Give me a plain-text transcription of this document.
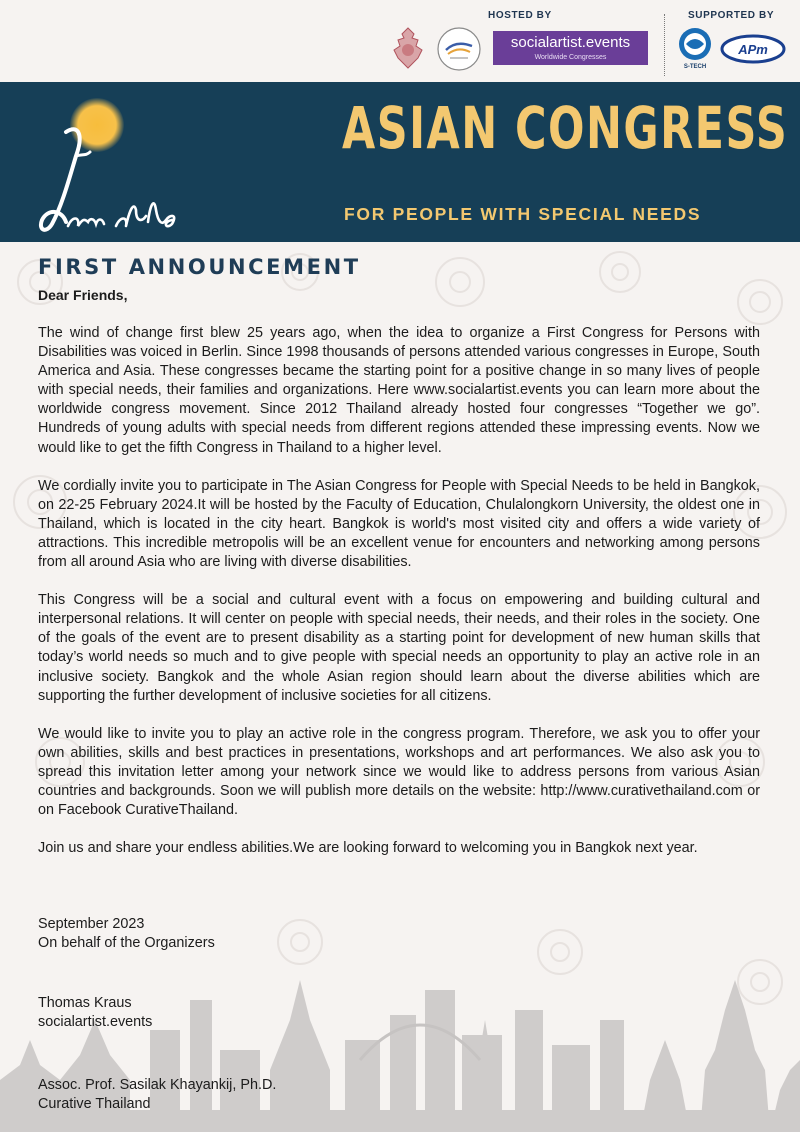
HOSTED BY	SUPPORTED BY
socialartist.events
Worldwide Congresses
S-TECH
APm
ASIAN CONGRESS
FOR PEOPLE WITH SPECIAL NEEDS
FIRST ANNOUNCEMENT

Dear Friends,

The wind of change first blew 25 years ago, when the idea to organize a First Congress for Persons with Disabilities was voiced in Berlin. Since 1998 thousands of persons attended various congresses in Europe, South America and Asia. These congresses became the starting point for a positive change in so many lives of people with special needs, their families and organizations. Here www.socialartist.events you can learn more about the worldwide congress movement. Since 2012 Thailand already hosted four congresses “Together we go”. Hundreds of young adults with special needs from different regions attended these impressing events. Now we would like to get the fifth Congress in Thailand to a higher level.

We cordially invite you to participate in The Asian Congress for People with Special Needs to be held in Bangkok, on 22-25 February 2024.It will be hosted by the Faculty of Education, Chulalongkorn University, the oldest one in Thailand, which is located in the city heart. Bangkok is world's most visited city and offers a wide variety of attractions. This incredible metropolis will be an excellent venue for encounters and networking among persons from all around Asia who are living with diverse disabilities.

This Congress will be a social and cultural event with a focus on empowering and building cultural and interpersonal relations. It will center on people with special needs, their needs, and their roles in the society. One of the goals of the event are to present disability as a starting point for development of new human skills that today’s world needs so much and to give people with special needs an opportunity to play an active role in an inclusive society. Bangkok and the whole Asian region should learn about the diverse abilities which are supporting the further development of inclusive societies for all citizens.

We would like to invite you to play an active role in the congress program. Therefore, we ask you to offer your own abilities, skills and best practices in presentations, workshops and art performances. We also ask you to spread this invitation letter among your network since we would like to address persons from various Asian countries and backgrounds. Soon we will publish more details on the website: http://www.curativethailand.com or on Facebook CurativeThailand.

Join us and share your endless abilities.We are looking forward to welcoming you in Bangkok next year.

September 2023
On behalf of the Organizers
Thomas Kraus
socialartist.events
Assoc. Prof. Sasilak Khayankij, Ph.D.
Curative Thailand
